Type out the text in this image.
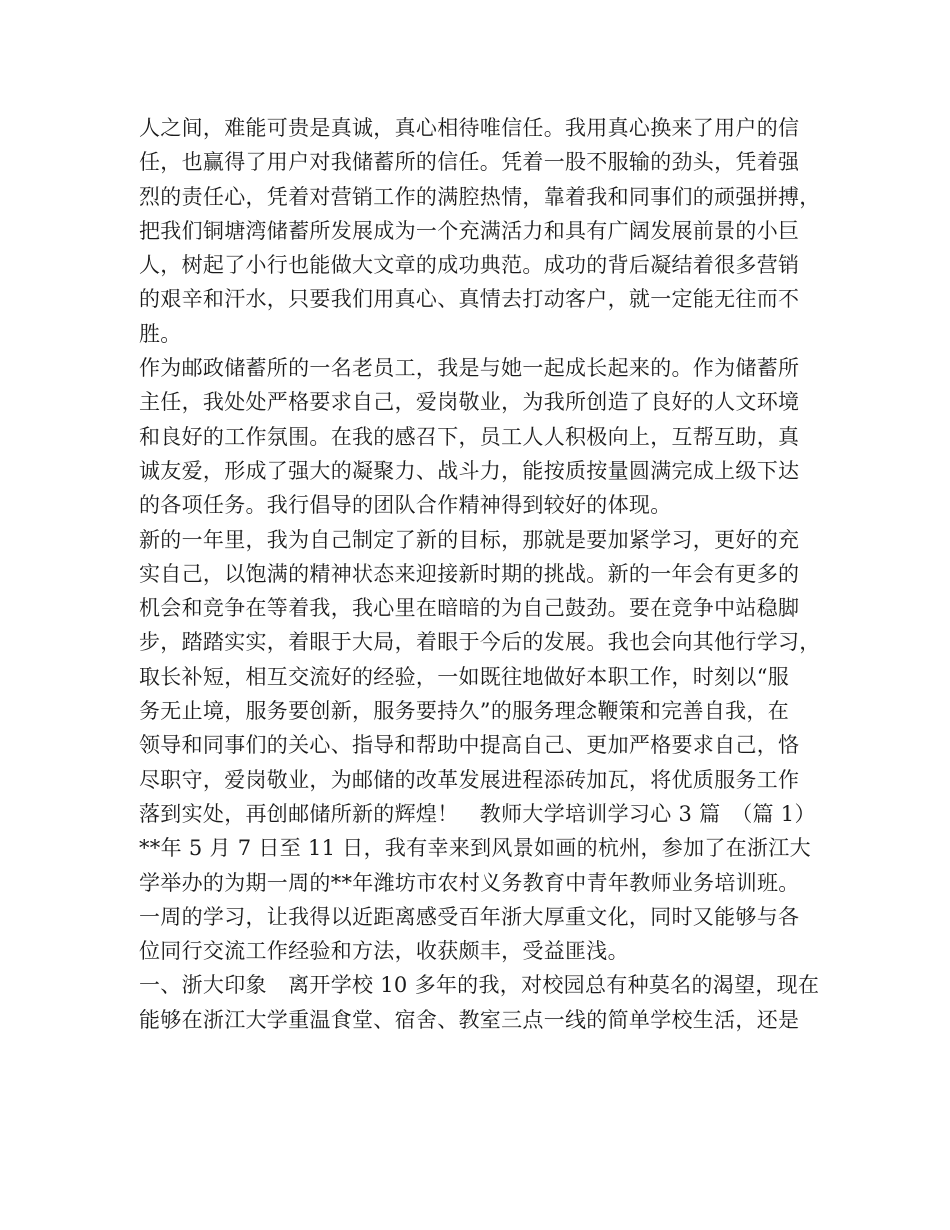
人之间，难能可贵是真诚，真心相待唯信任。我用真心换来了用户的信
任，也赢得了用户对我储蓄所的信任。凭着一股不服输的劲头，凭着强
烈的责任心，凭着对营销工作的满腔热情，靠着我和同事们的顽强拼搏，
把我们铜塘湾储蓄所发展成为一个充满活力和具有广阔发展前景的小巨
人，树起了小行也能做大文章的成功典范。成功的背后凝结着很多营销
的艰辛和汗水，只要我们用真心、真情去打动客户，就一定能无往而不
胜。
作为邮政储蓄所的一名老员工，我是与她一起成长起来的。作为储蓄所
主任，我处处严格要求自己，爱岗敬业，为我所创造了良好的人文环境
和良好的工作氛围。在我的感召下，员工人人积极向上，互帮互助，真
诚友爱，形成了强大的凝聚力、战斗力，能按质按量圆满完成上级下达
的各项任务。我行倡导的团队合作精神得到较好的体现。
新的一年里，我为自己制定了新的目标，那就是要加紧学习，更好的充
实自己，以饱满的精神状态来迎接新时期的挑战。新的一年会有更多的
机会和竞争在等着我，我心里在暗暗的为自己鼓劲。要在竞争中站稳脚
步，踏踏实实，着眼于大局，着眼于今后的发展。我也会向其他行学习，
取长补短，相互交流好的经验，一如既往地做好本职工作，时刻以“服
务无止境，服务要创新，服务要持久”的服务理念鞭策和完善自我，在
领导和同事们的关心、指导和帮助中提高自己、更加严格要求自己，恪
尽职守，爱岗敬业，为邮储的改革发展进程添砖加瓦，将优质服务工作
落到实处，再创邮储所新的辉煌！　教师大学培训学习心 3 篇　（篇 1）
**年 5 月 7 日至 11 日，我有幸来到风景如画的杭州，参加了在浙江大
学举办的为期一周的**年潍坊市农村义务教育中青年教师业务培训班。
一周的学习，让我得以近距离感受百年浙大厚重文化，同时又能够与各
位同行交流工作经验和方法，收获颇丰，受益匪浅。
一、浙大印象　离开学校 10 多年的我，对校园总有种莫名的渴望，现在
能够在浙江大学重温食堂、宿舍、教室三点一线的简单学校生活，还是
